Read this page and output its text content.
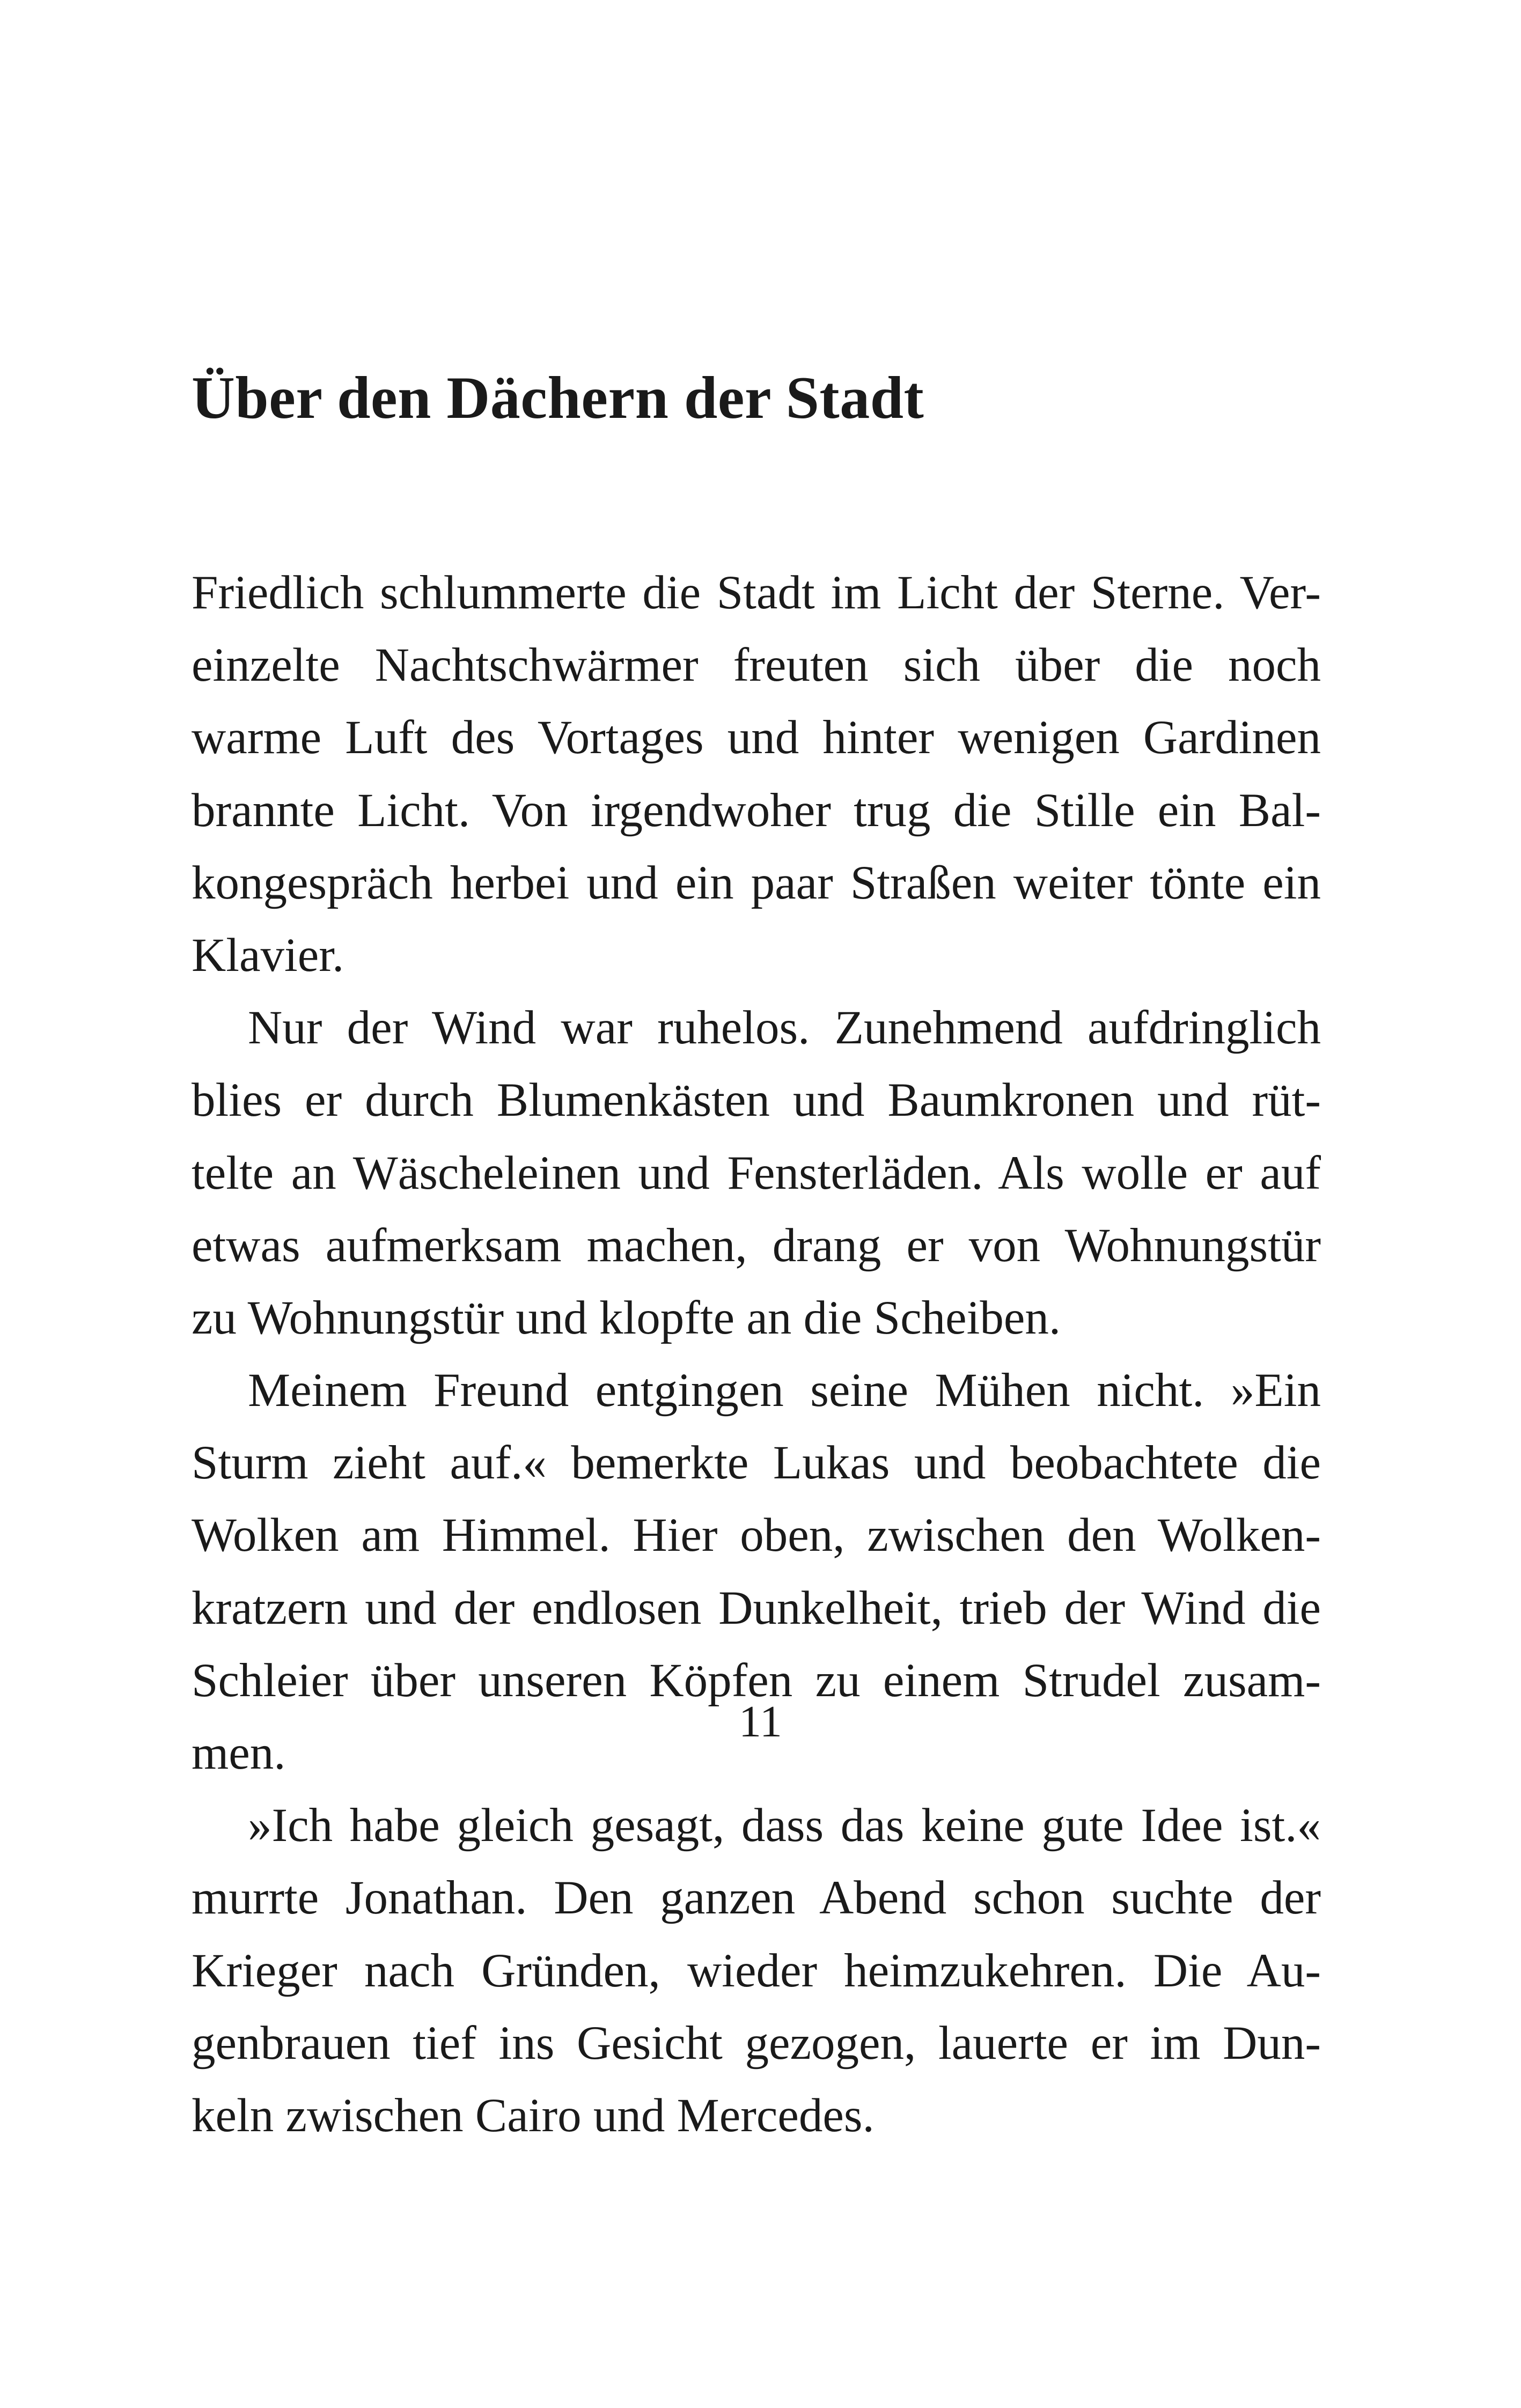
Über den Dächern der Stadt

Friedlich schlummerte die Stadt im Licht der Sterne. Ver-
einzelte Nachtschwärmer freuten sich über die noch
warme Luft des Vortages und hinter wenigen Gardinen
brannte Licht. Von irgendwoher trug die Stille ein Bal-
kongespräch herbei und ein paar Straßen weiter tönte ein
Klavier.

Nur der Wind war ruhelos. Zunehmend aufdringlich
blies er durch Blumenkästen und Baumkronen und rüt-
telte an Wäscheleinen und Fensterläden. Als wolle er auf
etwas aufmerksam machen, drang er von Wohnungstür
zu Wohnungstür und klopfte an die Scheiben.

Meinem Freund entgingen seine Mühen nicht. »Ein
Sturm zieht auf.« bemerkte Lukas und beobachtete die
Wolken am Himmel. Hier oben, zwischen den Wolken-
kratzern und der endlosen Dunkelheit, trieb der Wind die
Schleier über unseren Köpfen zu einem Strudel zusam-
men.

»Ich habe gleich gesagt, dass das keine gute Idee ist.«
murrte Jonathan. Den ganzen Abend schon suchte der
Krieger nach Gründen, wieder heimzukehren. Die Au-
genbrauen tief ins Gesicht gezogen, lauerte er im Dun-
keln zwischen Cairo und Mercedes.

11
